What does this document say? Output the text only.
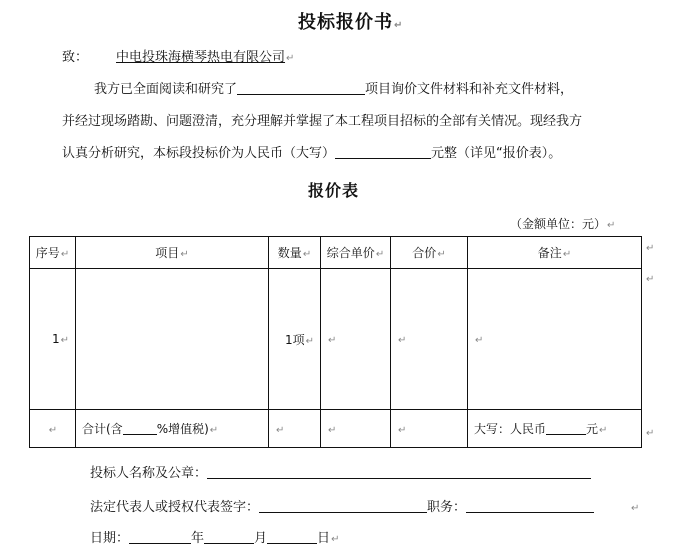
投标报价书↵
致： 中电投珠海横琴热电有限公司↵
我方已全面阅读和研究了	项目询价文件材料和补充文件材料，
并经过现场踏勘、问题澄清，充分理解并掌握了本工程项目招标的全部有关情况。现经我方
认真分析研究，本标段投标价为人民币（大写）	元整（详见“报价表）。
报价表
（金额单位：元）↵
序号↵	项目↵	数量↵	综合单价↵	合价↵	备注↵
1↵		1项↵	↵	↵	↵
↵	合计(含 %增值税)↵	↵	↵	↵	大写：人民币 元↵
↵
↵
↵
投标人名称及公章：
法定代表人或授权代表签字：	职务：	↵
日期：	年	月	日↵
